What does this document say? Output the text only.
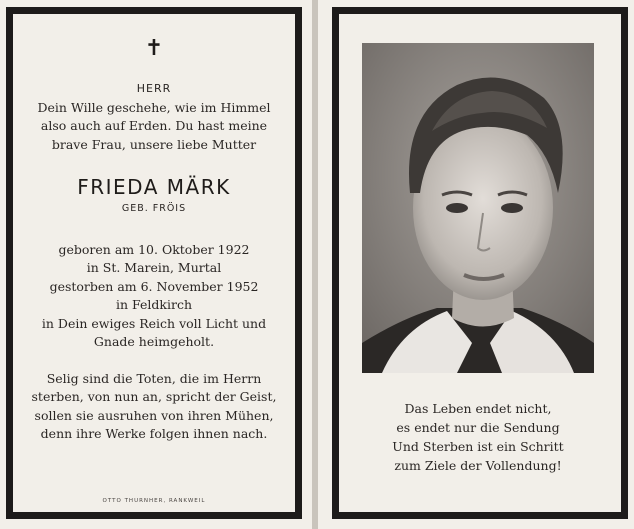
✝
HERR

Dein Wille geschehe, wie im Himmel

also auch auf Erden. Du hast meine

brave Frau, unsere liebe Mutter

FRIEDA MÄRK
GEB. FRÖIS

geboren am 10. Oktober 1922

in St. Marein, Murtal

gestorben am 6. November 1952

in Feldkirch

in Dein ewiges Reich voll Licht und

Gnade heimgeholt.

Selig sind die Toten, die im Herrn

sterben, von nun an, spricht der Geist,

sollen sie ausruhen von ihren Mühen,

denn ihre Werke folgen ihnen nach.

OTTO THURNHER, RANKWEIL

Das Leben endet nicht,

es endet nur die Sendung

Und Sterben ist ein Schritt

zum Ziele der Vollendung!
